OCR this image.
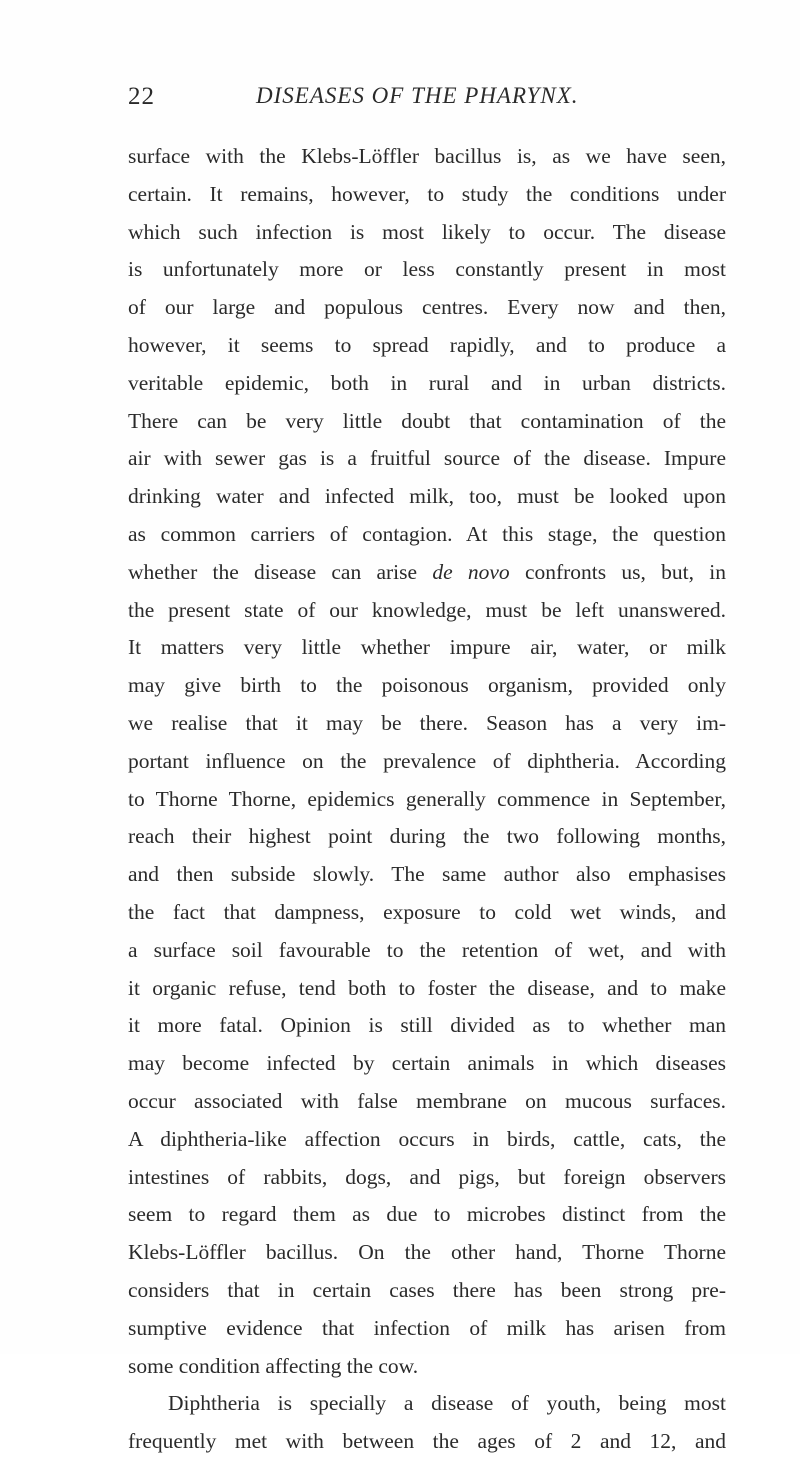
22	DISEASES OF THE PHARYNX.
surface with the Klebs-Löffler bacillus is, as we have seen,
certain. It remains, however, to study the conditions under
which such infection is most likely to occur. The disease
is unfortunately more or less constantly present in most
of our large and populous centres. Every now and then,
however, it seems to spread rapidly, and to produce a
veritable epidemic, both in rural and in urban districts.
There can be very little doubt that contamination of the
air with sewer gas is a fruitful source of the disease. Impure
drinking water and infected milk, too, must be looked upon
as common carriers of contagion. At this stage, the question
whether the disease can arise de novo confronts us, but, in
the present state of our knowledge, must be left unanswered.
It matters very little whether impure air, water, or milk
may give birth to the poisonous organism, provided only
we realise that it may be there. Season has a very im-
portant influence on the prevalence of diphtheria. According
to Thorne Thorne, epidemics generally commence in September,
reach their highest point during the two following months,
and then subside slowly. The same author also emphasises
the fact that dampness, exposure to cold wet winds, and
a surface soil favourable to the retention of wet, and with
it organic refuse, tend both to foster the disease, and to make
it more fatal. Opinion is still divided as to whether man
may become infected by certain animals in which diseases
occur associated with false membrane on mucous surfaces.
A diphtheria-like affection occurs in birds, cattle, cats, the
intestines of rabbits, dogs, and pigs, but foreign observers
seem to regard them as due to microbes distinct from the
Klebs-Löffler bacillus. On the other hand, Thorne Thorne
considers that in certain cases there has been strong pre-
sumptive evidence that infection of milk has arisen from
some condition affecting the cow.
Diphtheria is specially a disease of youth, being most
frequently met with between the ages of 2 and 12, and
